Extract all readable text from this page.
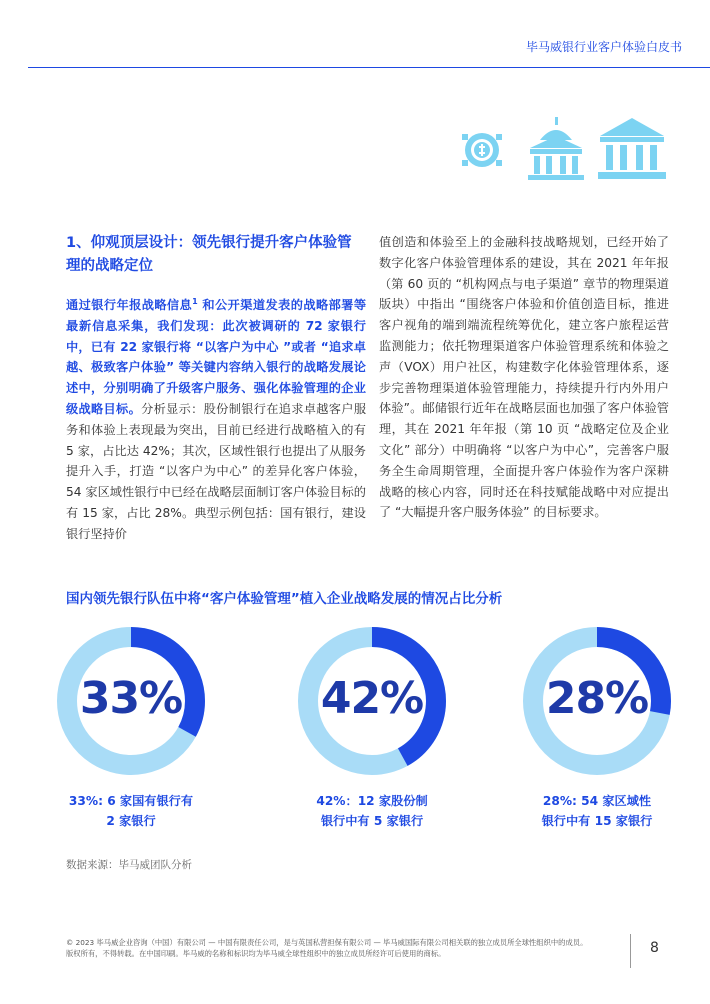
毕马威银行业客户体验白皮书
1、仰观顶层设计：领先银行提升客户体验管理的战略定位

通过银行年报战略信息$^1$ 和公开渠道发表的战略部署等最新信息采集，我们发现：此次被调研的 72 家银行中，已有 22 家银行将 “以客户为中心 ”或者 “追求卓越、极致客户体验” 等关键内容纳入银行的战略发展论述中，分别明确了升级客户服务、强化体验管理的企业级战略目标。分析显示：股份制银行在追求卓越客户服务和体验上表现最为突出，目前已经进行战略植入的有 5 家，占比达 42%；其次，区域性银行也提出了从服务提升入手，打造 “以客户为中心” 的差异化客户体验，54 家区域性银行中已经在战略层面制订客户体验目标的有 15 家，占比 28%。典型示例包括：国有银行，建设银行坚持价

值创造和体验至上的金融科技战略规划，已经开始了数字化客户体验管理体系的建设，其在 2021 年年报（第 60 页的 “机构网点与电子渠道” 章节的物理渠道版块）中指出 “围绕客户体验和价值创造目标，推进客户视角的端到端流程统筹优化，建立客户旅程运营监测能力；依托物理渠道客户体验管理系统和体验之声（VOX）用户社区，构建数字化体验管理体系，逐步完善物理渠道体验管理能力，持续提升行内外用户体验”。邮储银行近年在战略层面也加强了客户体验管理，其在 2021 年年报（第 10 页 “战略定位及企业文化” 部分）中明确将 “以客户为中心”，完善客户服务全生命周期管理，全面提升客户体验作为客户深耕战略的核心内容，同时还在科技赋能战略中对应提出了 “大幅提升客户服务体验” 的目标要求。

国内领先银行队伍中将“客户体验管理”植入企业战略发展的情况占比分析
33%
33%: 6 家国有银行有
2 家银行
42%
42%：12 家股份制
银行中有 5 家银行
28%
28%: 54 家区域性
银行中有 15 家银行
数据来源：毕马威团队分析
© 2023 毕马威企业咨询（中国）有限公司 — 中国有限责任公司，是与英国私营担保有限公司 — 毕马威国际有限公司相关联的独立成员所全球性组织中的成员。
版权所有，不得转载。在中国印刷。毕马威的名称和标识均为毕马威全球性组织中的独立成员所经许可后使用的商标。	8
